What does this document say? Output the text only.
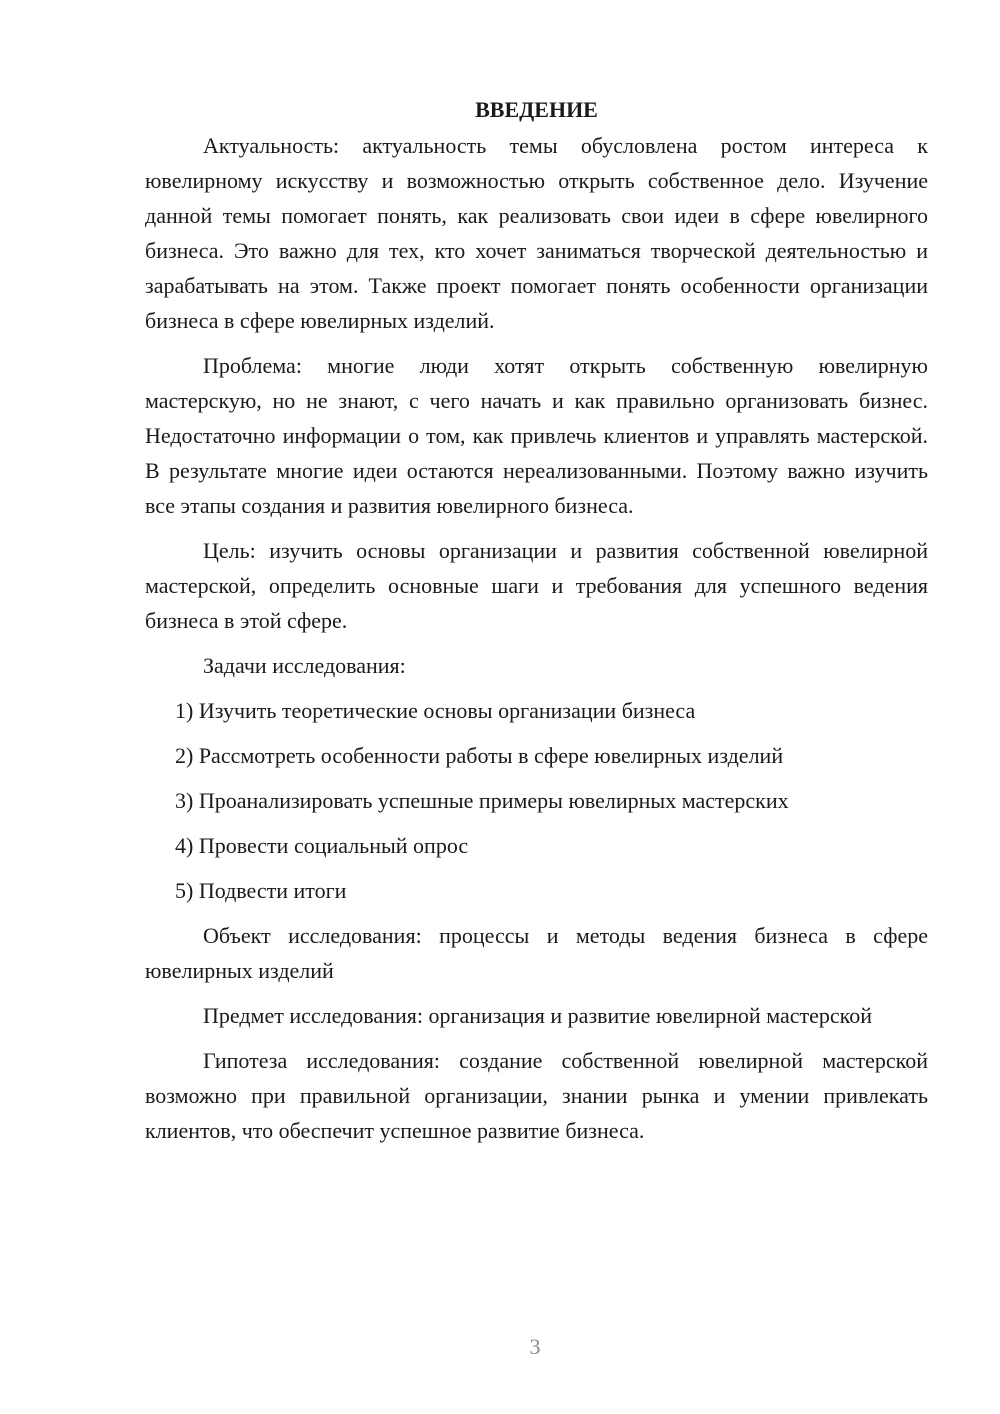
ВВЕДЕНИЕ

Актуальность: актуальность темы обусловлена ростом интереса к ювелирному искусству и возможностью открыть собственное дело. Изучение данной темы помогает понять, как реализовать свои идеи в сфере ювелирного бизнеса. Это важно для тех, кто хочет заниматься творческой деятельностью и зарабатывать на этом. Также проект помогает понять особенности организации бизнеса в сфере ювелирных изделий.

Проблема: многие люди хотят открыть собственную ювелирную мастерскую, но не знают, с чего начать и как правильно организовать бизнес. Недостаточно информации о том, как привлечь клиентов и управлять мастерской. В результате многие идеи остаются нереализованными. Поэтому важно изучить все этапы создания и развития ювелирного бизнеса.

Цель: изучить основы организации и развития собственной ювелирной мастерской, определить основные шаги и требования для успешного ведения бизнеса в этой сфере.

Задачи исследования:

1) Изучить теоретические основы организации бизнеса

2) Рассмотреть особенности работы в сфере ювелирных изделий

3) Проанализировать успешные примеры ювелирных мастерских

4) Провести социальный опрос

5) Подвести итоги

Объект исследования: процессы и методы ведения бизнеса в сфере ювелирных изделий

Предмет исследования: организация и развитие ювелирной мастерской

Гипотеза исследования: создание собственной ювелирной мастерской возможно при правильной организации, знании рынка и умении привлекать клиентов, что обеспечит успешное развитие бизнеса.

3
